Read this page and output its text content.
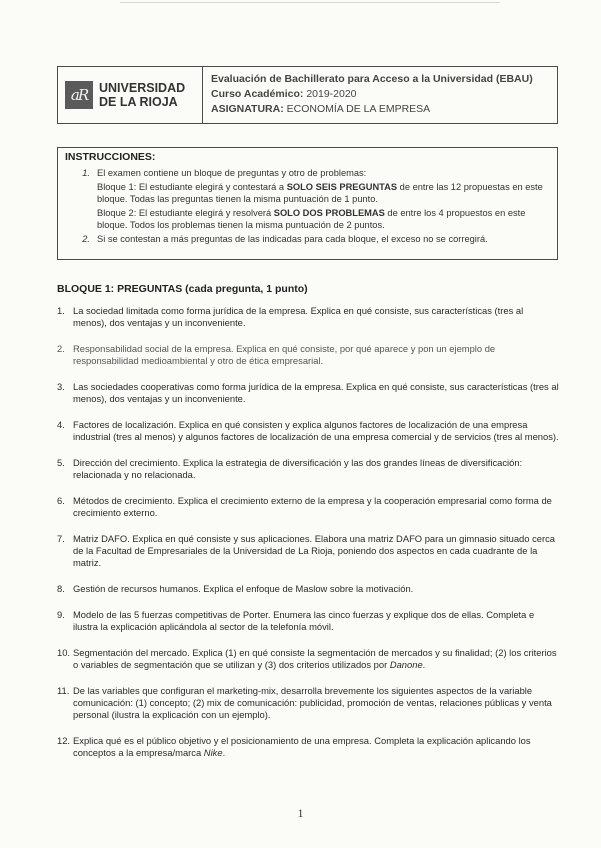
aR UNIVERSIDAD
DE LA RIOJA
Evaluación de Bachillerato para Acceso a la Universidad (EBAU)
Curso Académico: 2019-2020
ASIGNATURA: ECONOMÍA DE LA EMPRESA
INSTRUCCIONES:
1. El examen contiene un bloque de preguntas y otro de problemas:

Bloque 1: El estudiante elegirá y contestará a SOLO SEIS PREGUNTAS de entre las 12 propuestas en este bloque. Todas las preguntas tienen la misma puntuación de 1 punto.

Bloque 2: El estudiante elegirá y resolverá SOLO DOS PROBLEMAS de entre los 4 propuestos en este bloque. Todos los problemas tienen la misma puntuación de 2 puntos.

2. Si se contestan a más preguntas de las indicadas para cada bloque, el exceso no se corregirá.

BLOQUE 1: PREGUNTAS (cada pregunta, 1 punto)
1. La sociedad limitada como forma jurídica de la empresa. Explica en qué consiste, sus características (tres al menos), dos ventajas y un inconveniente.
2. Responsabilidad social de la empresa. Explica en qué consiste, por qué aparece y pon un ejemplo de responsabilidad medioambiental y otro de ética empresarial.
3. Las sociedades cooperativas como forma jurídica de la empresa. Explica en qué consiste, sus características (tres al menos), dos ventajas y un inconveniente.
4. Factores de localización. Explica en qué consisten y explica algunos factores de localización de una empresa industrial (tres al menos) y algunos factores de localización de una empresa comercial y de servicios (tres al menos).
5. Dirección del crecimiento. Explica la estrategia de diversificación y las dos grandes líneas de diversificación: relacionada y no relacionada.
6. Métodos de crecimiento. Explica el crecimiento externo de la empresa y la cooperación empresarial como forma de crecimiento externo.
7. Matriz DAFO. Explica en qué consiste y sus aplicaciones. Elabora una matriz DAFO para un gimnasio situado cerca de la Facultad de Empresariales de la Universidad de La Rioja, poniendo dos aspectos en cada cuadrante de la matriz.
8. Gestión de recursos humanos. Explica el enfoque de Maslow sobre la motivación.
9. Modelo de las 5 fuerzas competitivas de Porter. Enumera las cinco fuerzas y explique dos de ellas. Completa e ilustra la explicación aplicándola al sector de la telefonía móvil.
10. Segmentación del mercado. Explica (1) en qué consiste la segmentación de mercados y su finalidad; (2) los criterios o variables de segmentación que se utilizan y (3) dos criterios utilizados por Danone.
11. De las variables que configuran el marketing-mix, desarrolla brevemente los siguientes aspectos de la variable comunicación: (1) concepto; (2) mix de comunicación: publicidad, promoción de ventas, relaciones públicas y venta personal (ilustra la explicación con un ejemplo).
12. Explica qué es el público objetivo y el posicionamiento de una empresa. Completa la explicación aplicando los conceptos a la empresa/marca Nike.
1
